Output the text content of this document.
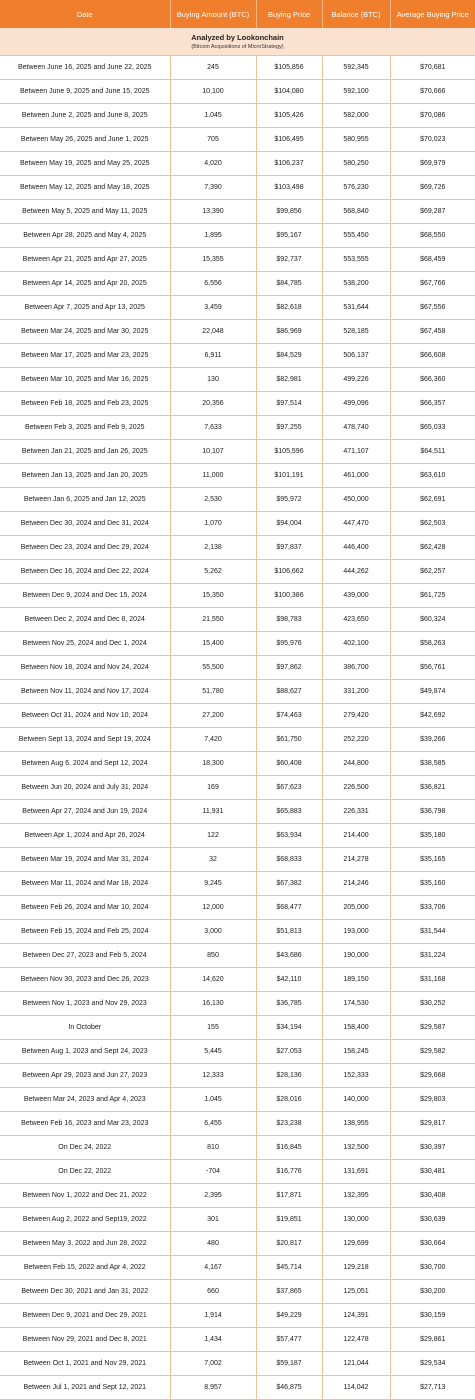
Date	Buying Amount (BTC)	Buying Price	Balance (BTC)	Average Buying Price

Analyzed by Lookonchain
(Bitcoin Acquisitions of MicroStrategy)				

Between June 16, 2025 and June 22, 2025	245	$105,856	592,345	$70,681
Between June 9, 2025 and June 15, 2025	10,100	$104,080	592,100	$70,666
Between June 2, 2025 and June 8, 2025	1,045	$105,426	582,000	$70,086
Between May 26, 2025 and June 1, 2025	705	$106,495	580,955	$70,023
Between May 19, 2025 and May 25, 2025	4,020	$106,237	580,250	$69,979
Between May 12, 2025 and May 18, 2025	7,390	$103,498	576,230	$69,726
Between May 5, 2025 and May 11, 2025	13,390	$99,856	568,840	$69,287
Between Apr 28, 2025 and May 4, 2025	1,895	$95,167	555,450	$68,550
Between Apr 21, 2025 and Apr 27, 2025	15,355	$92,737	553,555	$68,459
Between Apr 14, 2025 and Apr 20, 2025	6,556	$84,785	538,200	$67,766
Between Apr 7, 2025 and Apr 13, 2025	3,459	$82,618	531,644	$67,556
Between Mar 24, 2025 and Mar 30, 2025	22,048	$86,969	528,185	$67,458
Between Mar 17, 2025 and Mar 23, 2025	6,911	$84,529	506,137	$66,608
Between Mar 10, 2025 and Mar 16, 2025	130	$82,981	499,226	$66,360
Between Feb 18, 2025 and Feb 23, 2025	20,356	$97,514	499,096	$66,357
Between Feb 3, 2025 and Feb 9, 2025	7,633	$97,255	478,740	$65,033
Between Jan 21, 2025 and Jan 26, 2025	10,107	$105,596	471,107	$64,511
Between Jan 13, 2025 and Jan 20, 2025	11,000	$101,191	461,000	$63,610
Between Jan 6, 2025 and Jan 12, 2025	2,530	$95,972	450,000	$62,691
Between Dec 30, 2024 and Dec 31, 2024	1,070	$94,004	447,470	$62,503
Between Dec 23, 2024 and Dec 29, 2024	2,138	$97,837	446,400	$62,428
Between Dec 16, 2024 and Dec 22, 2024	5,262	$106,662	444,262	$62,257
Between Dec 9, 2024 and Dec 15, 2024	15,350	$100,386	439,000	$61,725
Between Dec 2, 2024 and Dec 8, 2024	21,550	$98,783	423,650	$60,324
Between Nov 25, 2024 and Dec 1, 2024	15,400	$95,976	402,100	$58,263
Between Nov 18, 2024 and Nov 24, 2024	55,500	$97,862	386,700	$56,761
Between Nov 11, 2024 and Nov 17, 2024	51,780	$88,627	331,200	$49,874
Between Oct 31, 2024 and Nov 10, 2024	27,200	$74,463	279,420	$42,692
Between Sept 13, 2024 and Sept 19, 2024	7,420	$61,750	252,220	$39,266
Between Aug 6, 2024 and Sept 12, 2024	18,300	$60,408	244,800	$38,585
Between Jun 20, 2024 and July 31, 2024	169	$67,623	226,500	$36,821
Between Apr 27, 2024 and Jun 19, 2024	11,931	$65,883	226,331	$36,798
Between Apr 1, 2024 and Apr 26, 2024	122	$63,934	214,400	$35,180
Between Mar 19, 2024 and Mar 31, 2024	32	$68,833	214,278	$35,165
Between Mar 11, 2024 and Mar 18, 2024	9,245	$67,382	214,246	$35,160
Between Feb 26, 2024 and Mar 10, 2024	12,000	$68,477	205,000	$33,706
Between Feb 15, 2024 and Feb 25, 2024	3,000	$51,813	193,000	$31,544
Between Dec 27, 2023 and Feb 5, 2024	850	$43,686	190,000	$31,224
Between Nov 30, 2023 and Dec 26, 2023	14,620	$42,110	189,150	$31,168
Between Nov 1, 2023 and Nov 29, 2023	16,130	$36,785	174,530	$30,252
In October	155	$34,194	158,400	$29,587
Between Aug 1, 2023 and Sept 24, 2023	5,445	$27,053	158,245	$29,582
Between Apr 29, 2023 and Jun 27, 2023	12,333	$28,136	152,333	$29,668
Between Mar 24, 2023 and Apr 4, 2023	1,045	$28,016	140,000	$29,803
Between Feb 16, 2023 and Mar 23, 2023	6,455	$23,238	138,955	$29,817
On Dec 24, 2022	810	$16,845	132,500	$30,397
On Dec 22, 2022	-704	$16,776	131,691	$30,481
Between Nov 1, 2022 and Dec 21, 2022	2,395	$17,871	132,395	$30,408
Between Aug 2, 2022 and Sept19, 2022	301	$19,851	130,000	$30,639
Between May 3, 2022 and Jun 28, 2022	480	$20,817	129,699	$30,664
Between Feb 15, 2022 and Apr 4, 2022	4,167	$45,714	129,218	$30,700
Between Dec 30, 2021 and Jan 31, 2022	660	$37,865	125,051	$30,200
Between Dec 9, 2021 and Dec 29, 2021	1,914	$49,229	124,391	$30,159
Between Nov 29, 2021 and Dec 8, 2021	1,434	$57,477	122,478	$29,861
Between Oct 1, 2021 and Nov 29, 2021	7,002	$59,187	121,044	$29,534
Between Jul 1, 2021 and Sept 12, 2021	8,957	$46,875	114,042	$27,713
